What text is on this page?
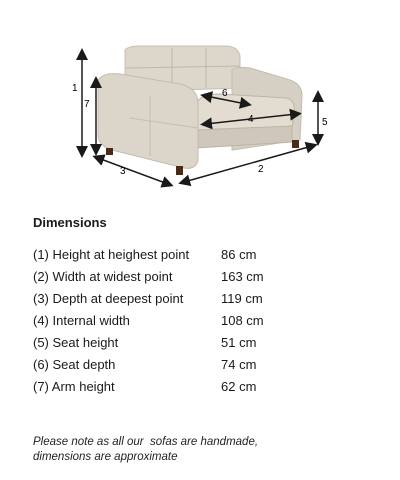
1
7
3	2
5
4
6
Dimensions
(1) Height at heighest point	86 cm
(2) Width at widest point	163 cm
(3) Depth at deepest point	119 cm
(4) Internal width	108 cm
(5) Seat height	51 cm
(6) Seat depth	74 cm
(7) Arm height	62 cm
Please note as all our  sofas are handmade,
dimensions are approximate
